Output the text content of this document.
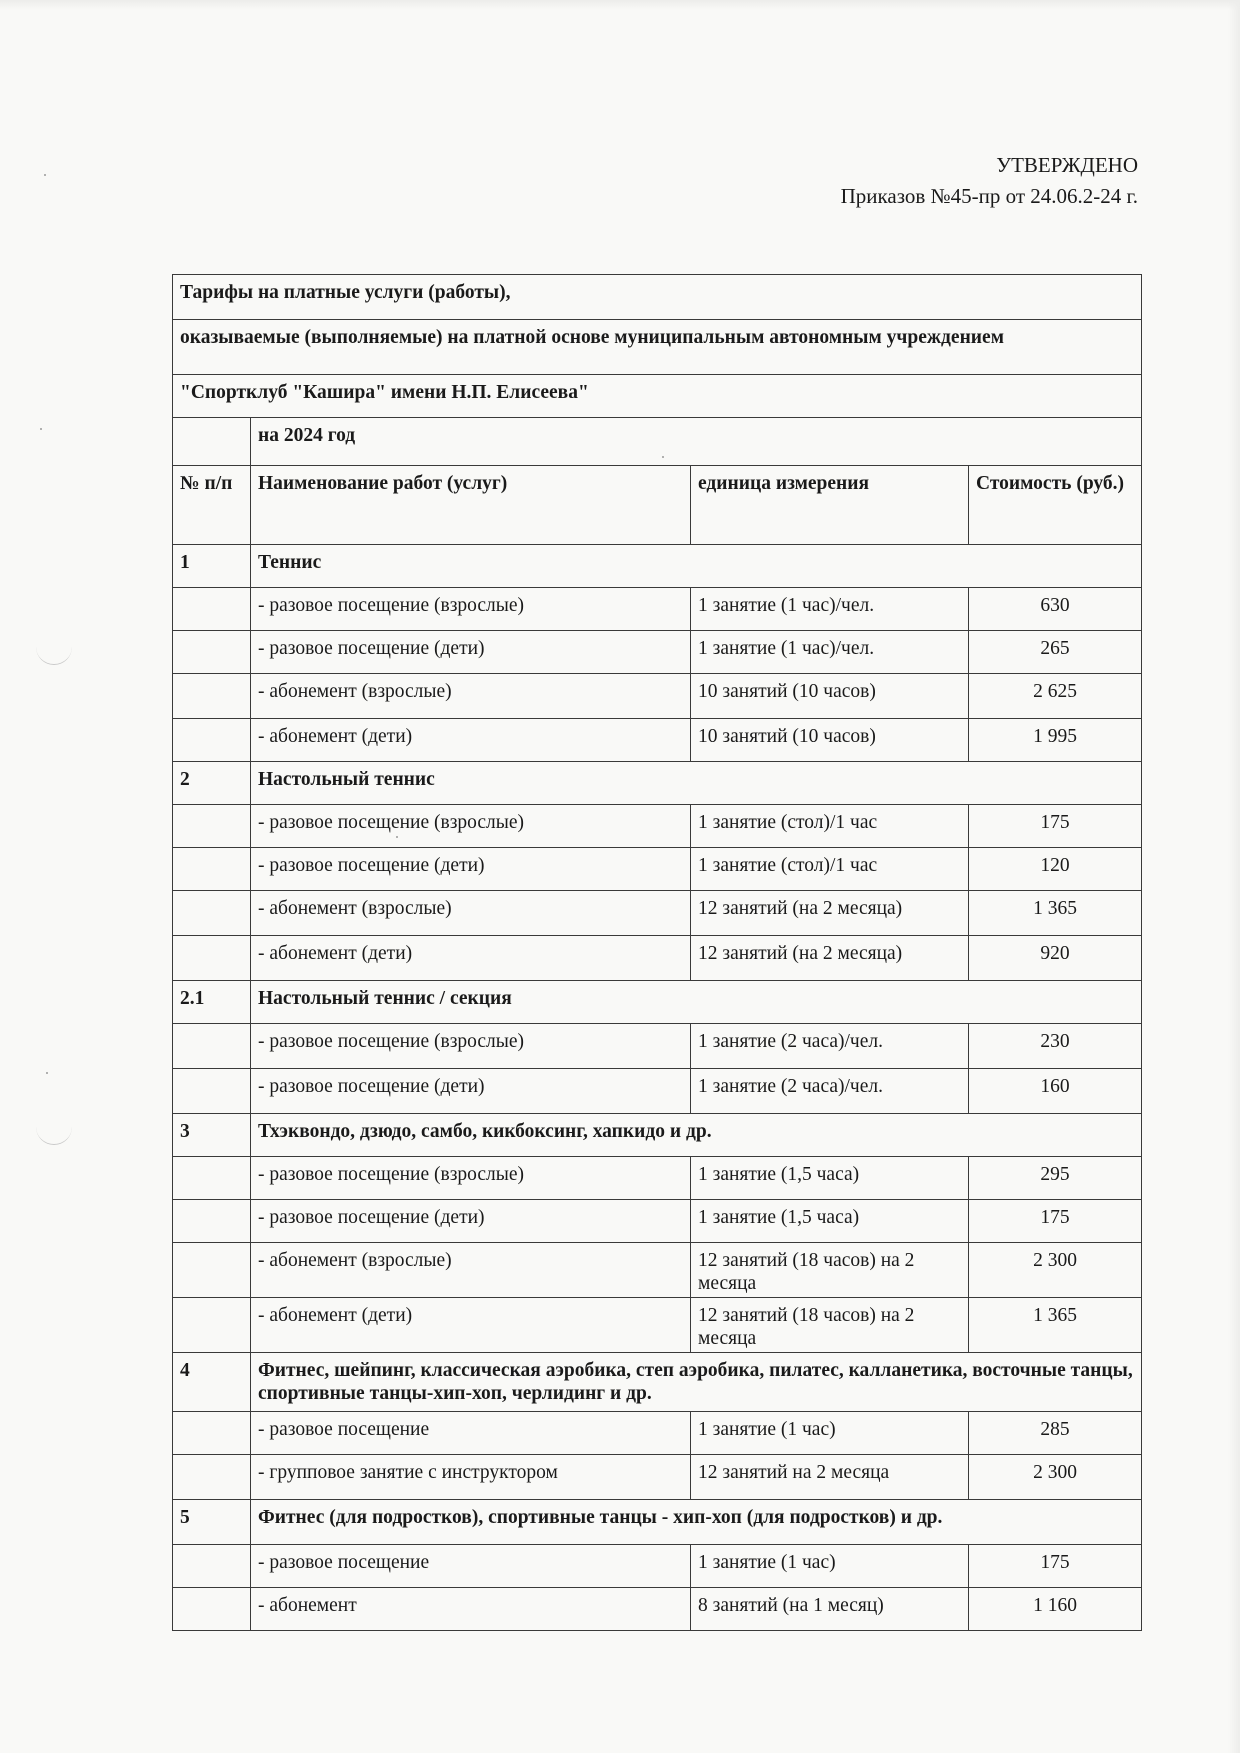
УТВЕРЖДЕНО
Приказов №45-пр от 24.06.2-24 г.
Тарифы на платные услуги (работы),			
оказываемые (выполняемые) на платной основе муниципальным автономным учреждением			
"Спортклуб "Кашира" имени Н.П. Елисеева"			
	на 2024 год		
№ п/п	Наименование работ (услуг)	единица измерения	Стоимость (руб.)
1	Теннис		
	- разовое посещение (взрослые)	1 занятие (1 час)/чел.	630
	- разовое посещение (дети)	1 занятие (1 час)/чел.	265
	- абонемент (взрослые)	10 занятий (10 часов)	2 625
	- абонемент (дети)	10 занятий (10 часов)	1 995
2	Настольный теннис		
	- разовое посещение (взрослые)	1 занятие (стол)/1 час	175
	- разовое посещение (дети)	1 занятие (стол)/1 час	120
	- абонемент (взрослые)	12 занятий (на 2 месяца)	1 365
	- абонемент (дети)	12 занятий (на 2 месяца)	920
2.1	Настольный теннис / секция		
	- разовое посещение (взрослые)	1 занятие (2 часа)/чел.	230
	- разовое посещение (дети)	1 занятие (2 часа)/чел.	160
3	Тхэквондо, дзюдо, самбо, кикбоксинг, хапкидо и др.		
	- разовое посещение (взрослые)	1 занятие (1,5 часа)	295
	- разовое посещение (дети)	1 занятие (1,5 часа)	175
	- абонемент (взрослые)	12 занятий (18 часов) на 2 месяца	2 300
	- абонемент (дети)	12 занятий (18 часов) на 2 месяца	1 365
4	Фитнес, шейпинг, классическая аэробика, степ аэробика, пилатес, калланетика, восточные танцы, спортивные танцы-хип-хоп, черлидинг и др.		
	- разовое посещение	1 занятие (1 час)	285
	- групповое занятие с инструктором	12 занятий на 2 месяца	2 300
5	Фитнес (для подростков), спортивные танцы - хип-хоп (для подростков) и др.		
	- разовое посещение	1 занятие (1 час)	175
	- абонемент	8 занятий (на 1 месяц)	1 160
